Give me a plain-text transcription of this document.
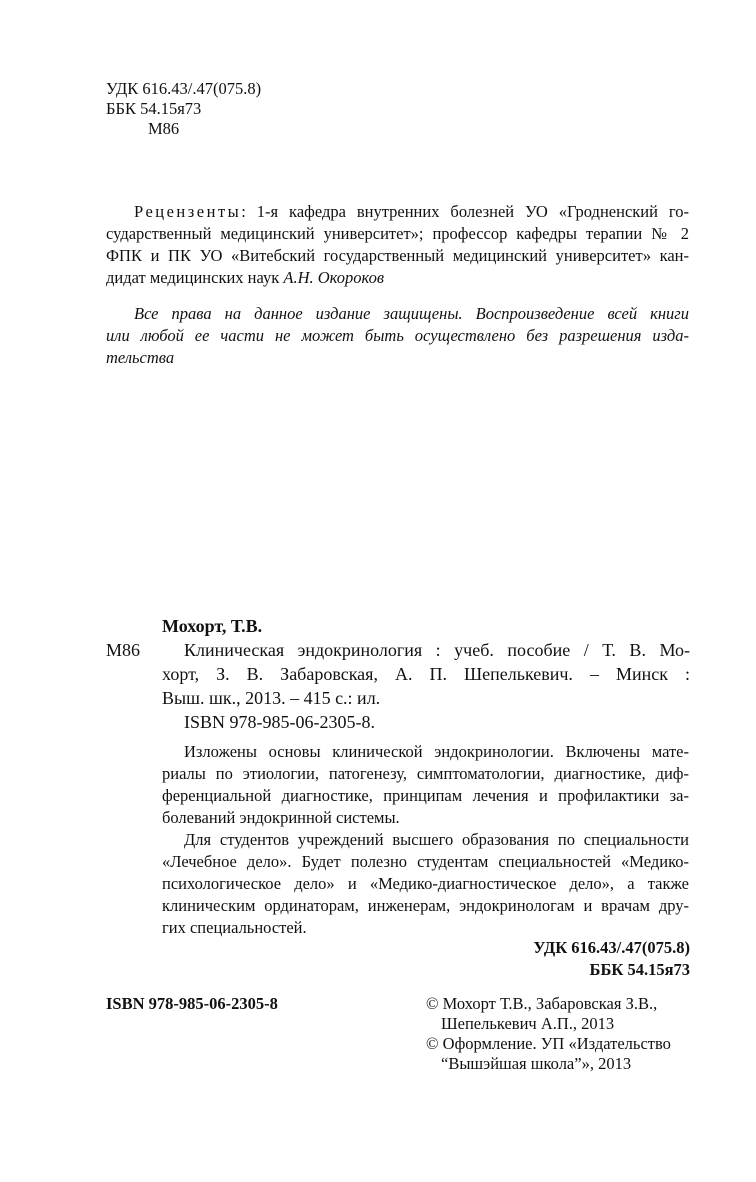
УДК 616.43/.47(075.8)
ББК 54.15я73
М86
Рецензенты: 1-я кафедра внутренних болезней УО «Гродненский го-
сударственный медицинский университет»; профессор кафедры терапии № 2
ФПК и ПК УО «Витебский государственный медицинский университет» кан-
дидат медицинских наук А.Н. Окороков
Все права на данное издание защищены. Воспроизведение всей книги
или любой ее части не может быть осуществлено без разрешения изда-
тельства
Мохорт, Т.В.
М86 Клиническая эндокринология : учеб. пособие / Т. В. Мо-
хорт, З. В. Забаровская, А. П. Шепелькевич. – Минск :
Выш. шк., 2013. – 415 с.: ил.
ISBN 978-985-06-2305-8.
Изложены основы клинической эндокринологии. Включены мате-
риалы по этиологии, патогенезу, симптоматологии, диагностике, диф-
ференциальной диагностике, принципам лечения и профилактики за-
болеваний эндокринной системы.
Для студентов учреждений высшего образования по специальности
«Лечебное дело». Будет полезно студентам специальностей «Медико-
психологическое дело» и «Медико-диагностическое дело», а также
клиническим ординаторам, инженерам, эндокринологам и врачам дру-
гих специальностей.
УДК 616.43/.47(075.8)
ББК 54.15я73
ISBN 978-985-06-2305-8	© Мохорт Т.В., Забаровская З.В.,
Шепелькевич А.П., 2013
© Оформление. УП «Издательство
“Вышэйшая школа”», 2013
